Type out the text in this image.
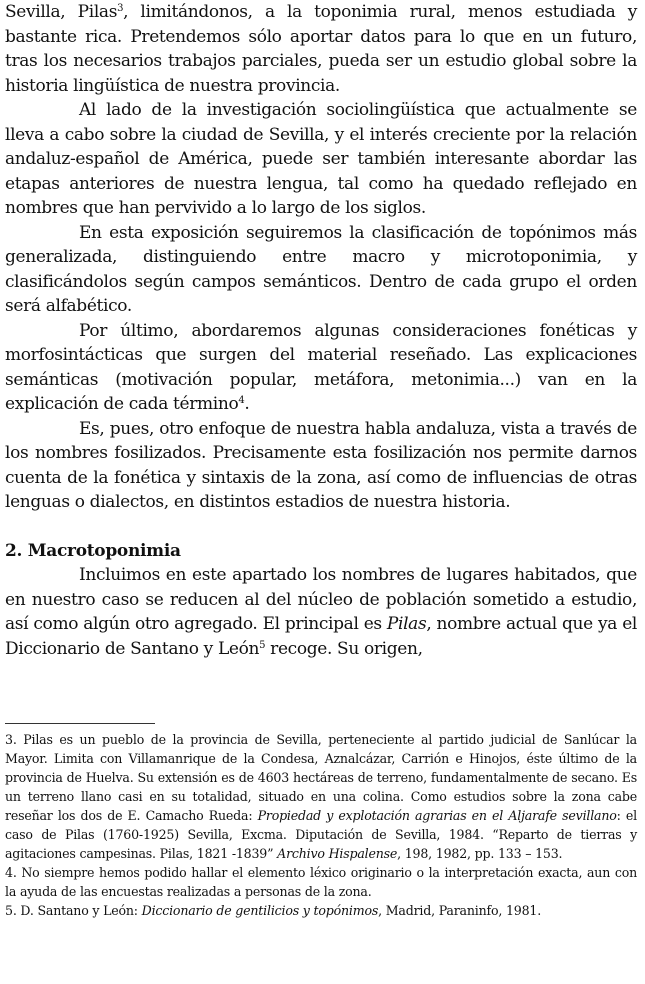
Sevilla, Pilas$^3$, limitándonos, a la toponimia rural, menos estudiada y bastante rica. Pretendemos sólo aportar datos para lo que en un futuro, tras los necesarios trabajos parciales, pueda ser un estudio global sobre la historia lingüística de nuestra provincia.

Al lado de la investigación sociolingüística que actualmente se lleva a cabo sobre la ciudad de Sevilla, y el interés creciente por la relación andaluz-español de América, puede ser también interesante abordar las etapas anteriores de nuestra lengua, tal como ha quedado reflejado en nombres que han pervivido a lo largo de los siglos.

En esta exposición seguiremos la clasificación de topónimos más generalizada, distinguiendo entre macro y microtoponimia, y clasificándolos según campos semánticos. Dentro de cada grupo el orden será alfabético.

Por último, abordaremos algunas consideraciones fonéticas y morfosintácticas que surgen del material reseñado. Las explicaciones semánticas (motivación popular, metáfora, metonimia...) van en la explicación de cada término$^4$.

Es, pues, otro enfoque de nuestra habla andaluza, vista a través de los nombres fosilizados. Precisamente esta fosilización nos permite darnos cuenta de la fonética y sintaxis de la zona, así como de influencias de otras lenguas o dialectos, en distintos estadios de nuestra historia.

2. Macrotoponimia

Incluimos en este apartado los nombres de lugares habitados, que en nuestro caso se reducen al del núcleo de población sometido a estudio, así como algún otro agregado. El principal es Pilas, nombre actual que ya el Diccionario de Santano y León$^5$ recoge. Su origen,

3. Pilas es un pueblo de la provincia de Sevilla, perteneciente al partido judicial de Sanlúcar la Mayor. Limita con Villamanrique de la Condesa, Aznalcázar, Carrión e Hinojos, éste último de la provincia de Huelva. Su extensión es de 4603 hectáreas de terreno, fundamentalmente de secano. Es un terreno llano casi en su totalidad, situado en una colina. Como estudios sobre la zona cabe reseñar los dos de E. Camacho Rueda: Propiedad y explotación agrarias en el Aljarafe sevillano: el caso de Pilas (1760-1925) Sevilla, Excma. Diputación de Sevilla, 1984. “Reparto de tierras y agitaciones campesinas. Pilas, 1821 -1839” Archivo Hispalense, 198, 1982, pp. 133 – 153.

4. No siempre hemos podido hallar el elemento léxico originario o la interpretación exacta, aun con la ayuda de las encuestas realizadas a personas de la zona.

5. D. Santano y León: Diccionario de gentilicios y topónimos, Madrid, Paraninfo, 1981.
